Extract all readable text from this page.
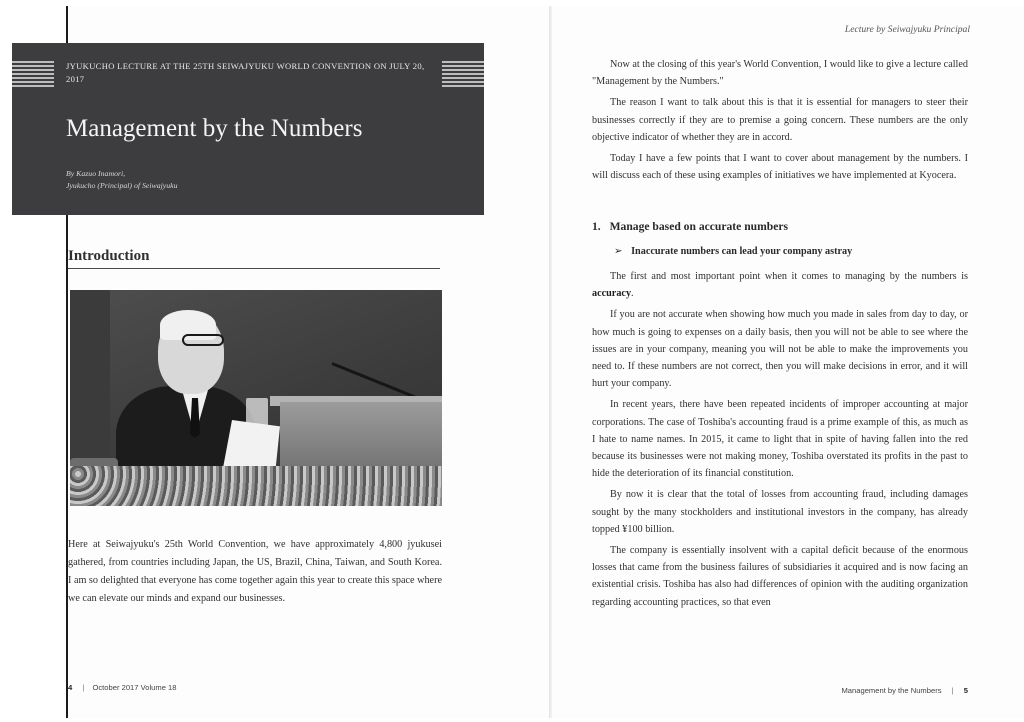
JYUKUCHO LECTURE AT THE 25TH SEIWAJYUKU WORLD CONVENTION ON JULY 20, 2017
Management by the Numbers
By Kazuo Inamori,
Jyukucho (Principal) of Seiwajyuku
Introduction

Here at Seiwajyuku's 25th World Convention, we have approximately 4,800 jyukusei gathered, from countries including Japan, the US, Brazil, China, Taiwan, and South Korea. I am so delighted that everyone has come together again this year to create this space where we can elevate our minds and expand our businesses.

4 | October 2017 Volume 18
Lecture by Seiwajyuku Principal

Now at the closing of this year's World Convention, I would like to give a lecture called "Management by the Numbers."

The reason I want to talk about this is that it is essential for managers to steer their businesses correctly if they are to premise a going concern. These numbers are the only objective indicator of whether they are in accord.

Today I have a few points that I want to cover about management by the numbers. I will discuss each of these using examples of initiatives we have implemented at Kyocera.

1. Manage based on accurate numbers
➢ Inaccurate numbers can lead your company astray

The first and most important point when it comes to managing by the numbers is accuracy.

If you are not accurate when showing how much you made in sales from day to day, or how much is going to expenses on a daily basis, then you will not be able to see where the issues are in your company, meaning you will not be able to make the improvements you need to. If these numbers are not correct, then you will make decisions in error, and it will hurt your company.

In recent years, there have been repeated incidents of improper accounting at major corporations. The case of Toshiba's accounting fraud is a prime example of this, as much as I hate to name names. In 2015, it came to light that in spite of having fallen into the red because its businesses were not making money, Toshiba overstated its profits in the past to hide the deterioration of its financial constitution.

By now it is clear that the total of losses from accounting fraud, including damages sought by the many stockholders and institutional investors in the company, has already topped ¥100 billion.

The company is essentially insolvent with a capital deficit because of the enormous losses that came from the business failures of subsidiaries it acquired and is now facing an existential crisis. Toshiba has also had differences of opinion with the auditing organization regarding accounting practices, so that even

Management by the Numbers | 5
